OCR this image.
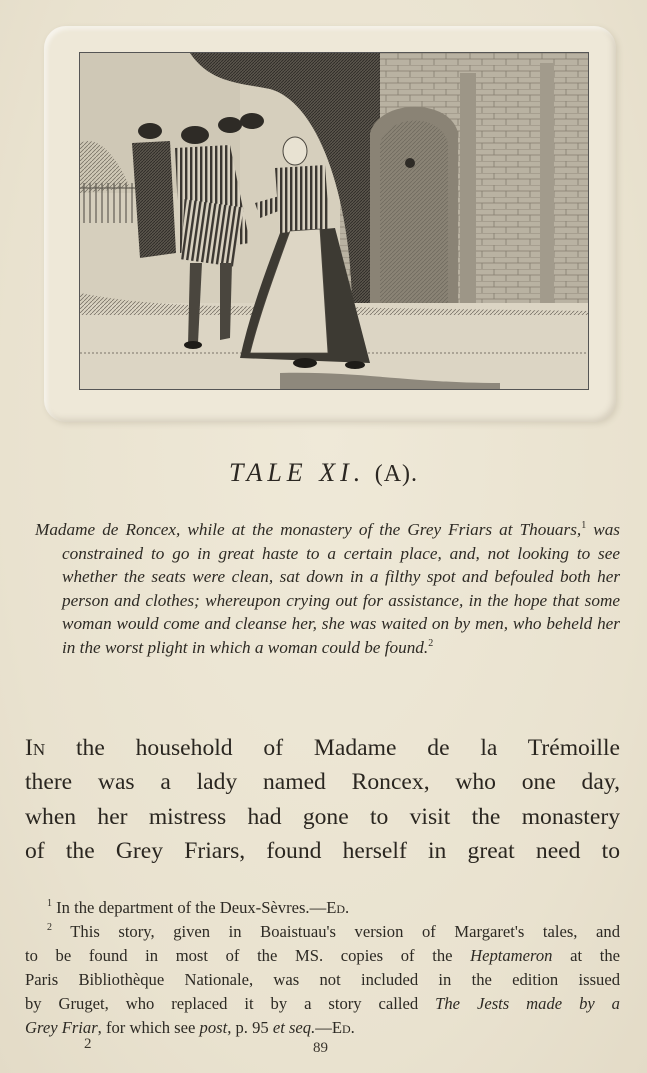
TALE XI. (A).
Madame de Roncex, while at the monastery of the Grey Friars at Thouars,$^1$ was constrained to go in great haste to a certain place, and, not looking to see whether the seats were clean, sat down in a filthy spot and befouled both her person and clothes; whereupon crying out for assistance, in the hope that some woman would come and cleanse her, she was waited on by men, who beheld her in the worst plight in which a woman could be found.$^2$
In the household of Madame de la Trémoille
there was a lady named Roncex, who one day,
when her mistress had gone to visit the monastery
of the Grey Friars, found herself in great need to
$^1$ In the department of the Deux-Sèvres.—Ed.
$^2$ This story, given in Boaistuau's version of Margaret's tales, and
to be found in most of the MS. copies of the Heptameron at the
Paris Bibliothèque Nationale, was not included in the edition issued
by Gruget, who replaced it by a story called The Jests made by a
Grey Friar, for which see post, p. 95 et seq.—Ed.
2	89
